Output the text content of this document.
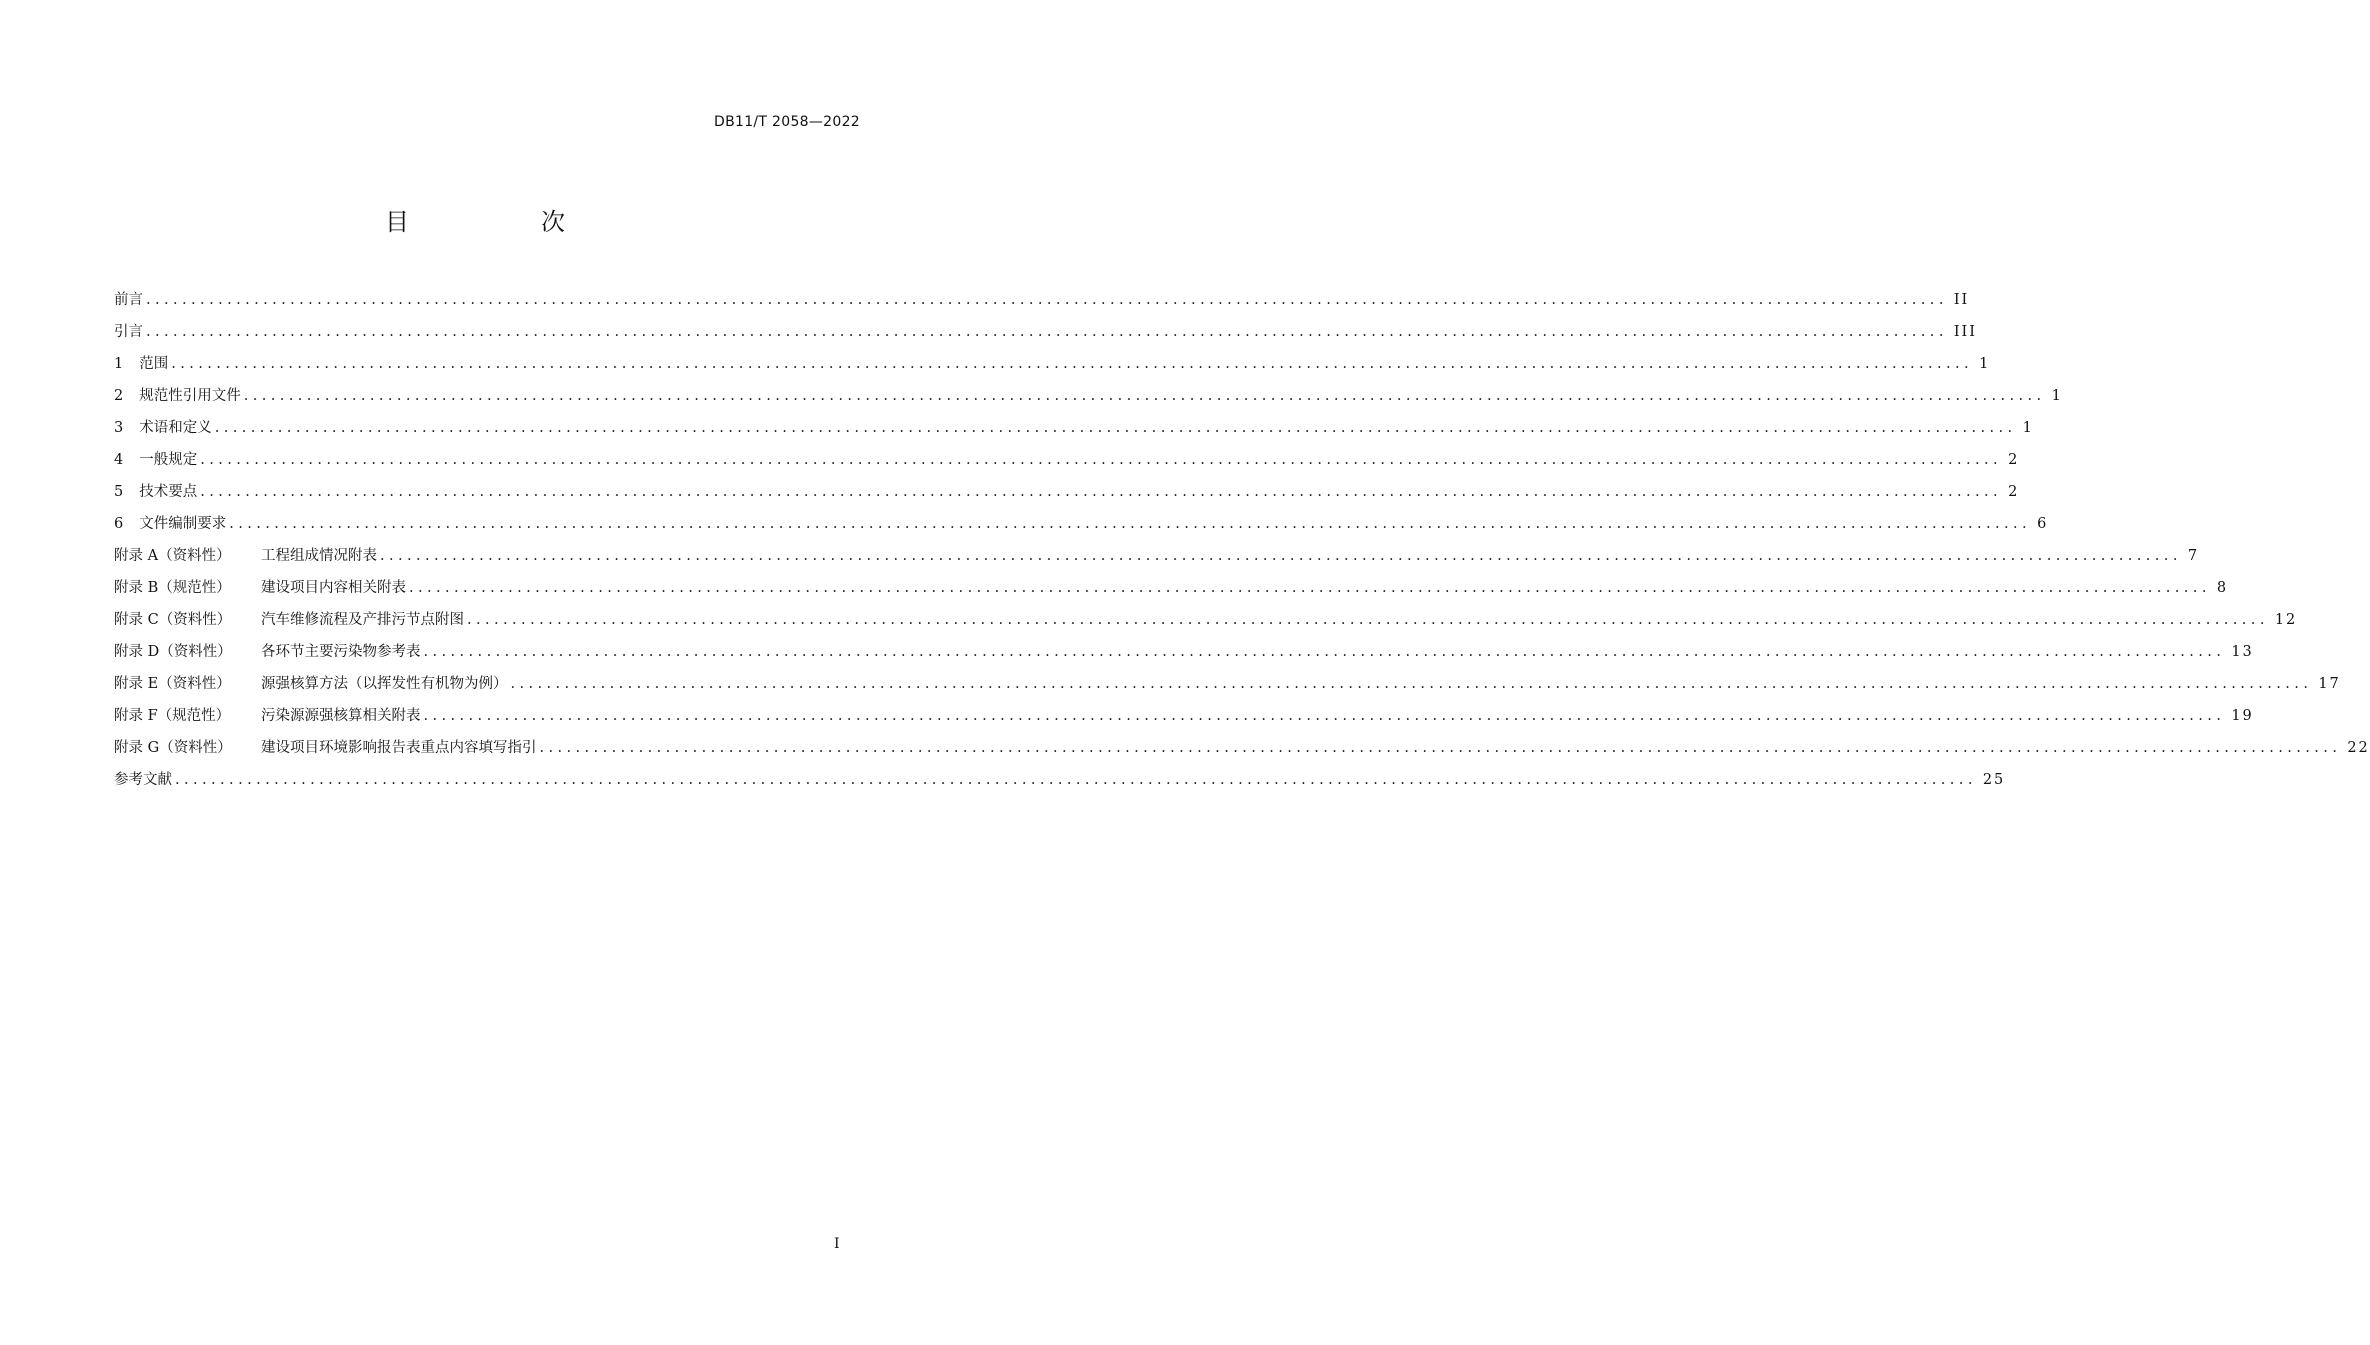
DB11/T 2058—2022
目　次
前言 ........................................................................................................................................................................................................ II
引言 ........................................................................................................................................................................................................ III
1	范围 ........................................................................................................................................................................................................ 1
2	规范性引用文件 ........................................................................................................................................................................................................ 1
3	术语和定义 ........................................................................................................................................................................................................ 1
4	一般规定 ........................................................................................................................................................................................................ 2
5	技术要点 ........................................................................................................................................................................................................ 2
6	文件编制要求 ........................................................................................................................................................................................................ 6
附录 A（资料性）	工程组成情况附表 ........................................................................................................................................................................................................ 7
附录 B（规范性）	建设项目内容相关附表 ........................................................................................................................................................................................................ 8
附录 C（资料性）	汽车维修流程及产排污节点附图 ........................................................................................................................................................................................................ 12
附录 D（资料性）	各环节主要污染物参考表 ........................................................................................................................................................................................................ 13
附录 E（资料性）	源强核算方法（以挥发性有机物为例） ........................................................................................................................................................................................................ 17
附录 F（规范性）	污染源源强核算相关附表 ........................................................................................................................................................................................................ 19
附录 G（资料性）	建设项目环境影响报告表重点内容填写指引 ........................................................................................................................................................................................................ 22
参考文献 ........................................................................................................................................................................................................ 25
I
